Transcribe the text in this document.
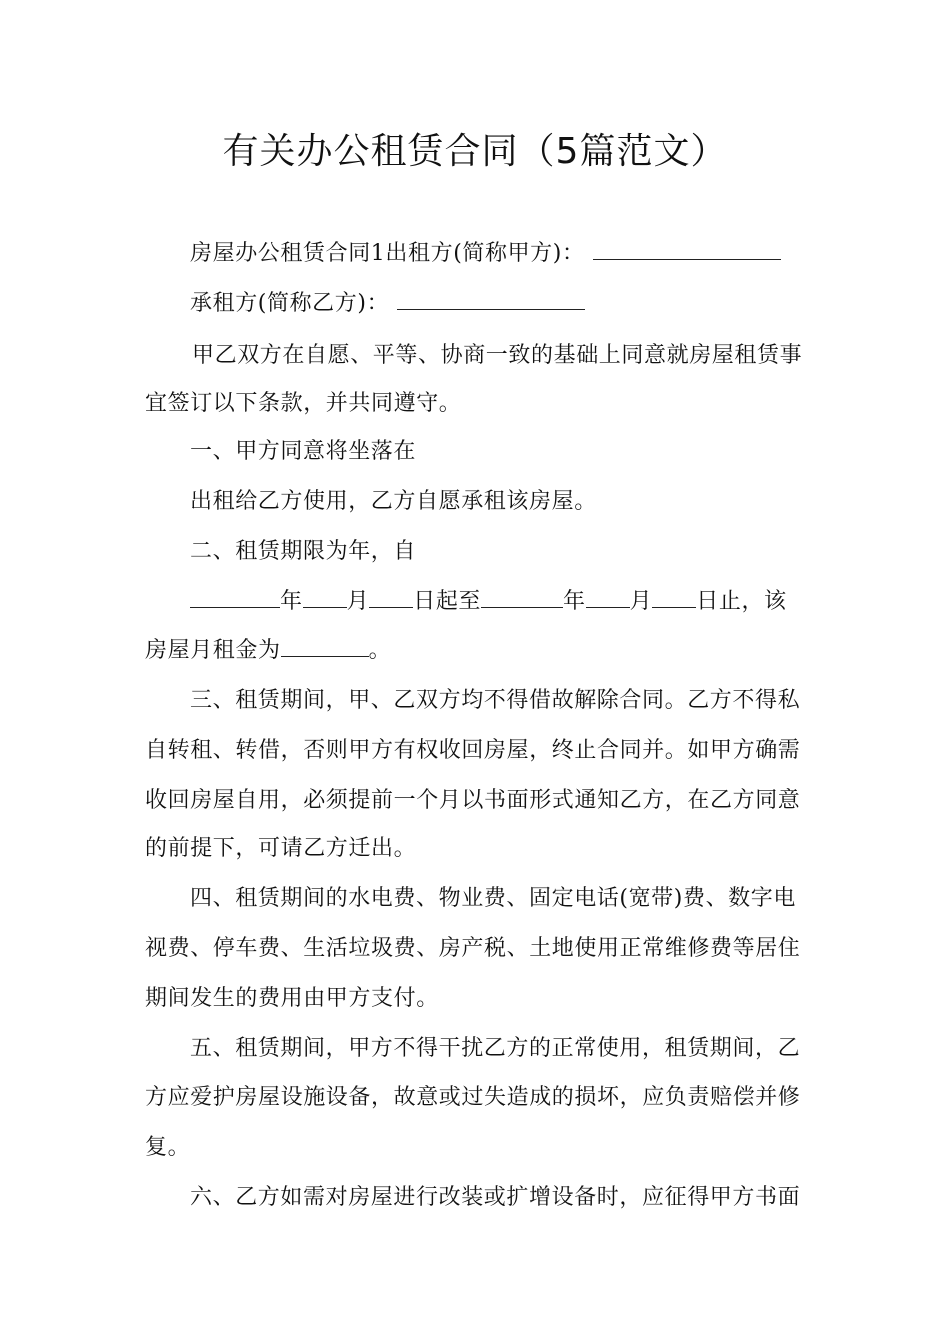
有关办公租赁合同（5篇范文）
房屋办公租赁合同1出租方(简称甲方)：
承租方(简称乙方)：
甲乙双方在自愿、平等、协商一致的基础上同意就房屋租赁事
宜签订以下条款，并共同遵守。
一、甲方同意将坐落在
出租给乙方使用，乙方自愿承租该房屋。
二、租赁期限为年，自
年 月 日起至	年 月 日止，该
房屋月租金为	。
三、租赁期间，甲、乙双方均不得借故解除合同。乙方不得私
自转租、转借，否则甲方有权收回房屋，终止合同并。如甲方确需
收回房屋自用，必须提前一个月以书面形式通知乙方，在乙方同意
的前提下，可请乙方迁出。
四、租赁期间的水电费、物业费、固定电话(宽带)费、数字电
视费、停车费、生活垃圾费、房产税、土地使用正常维修费等居住
期间发生的费用由甲方支付。
五、租赁期间，甲方不得干扰乙方的正常使用，租赁期间，乙
方应爱护房屋设施设备，故意或过失造成的损坏，应负责赔偿并修
复。
六、乙方如需对房屋进行改装或扩增设备时，应征得甲方书面
